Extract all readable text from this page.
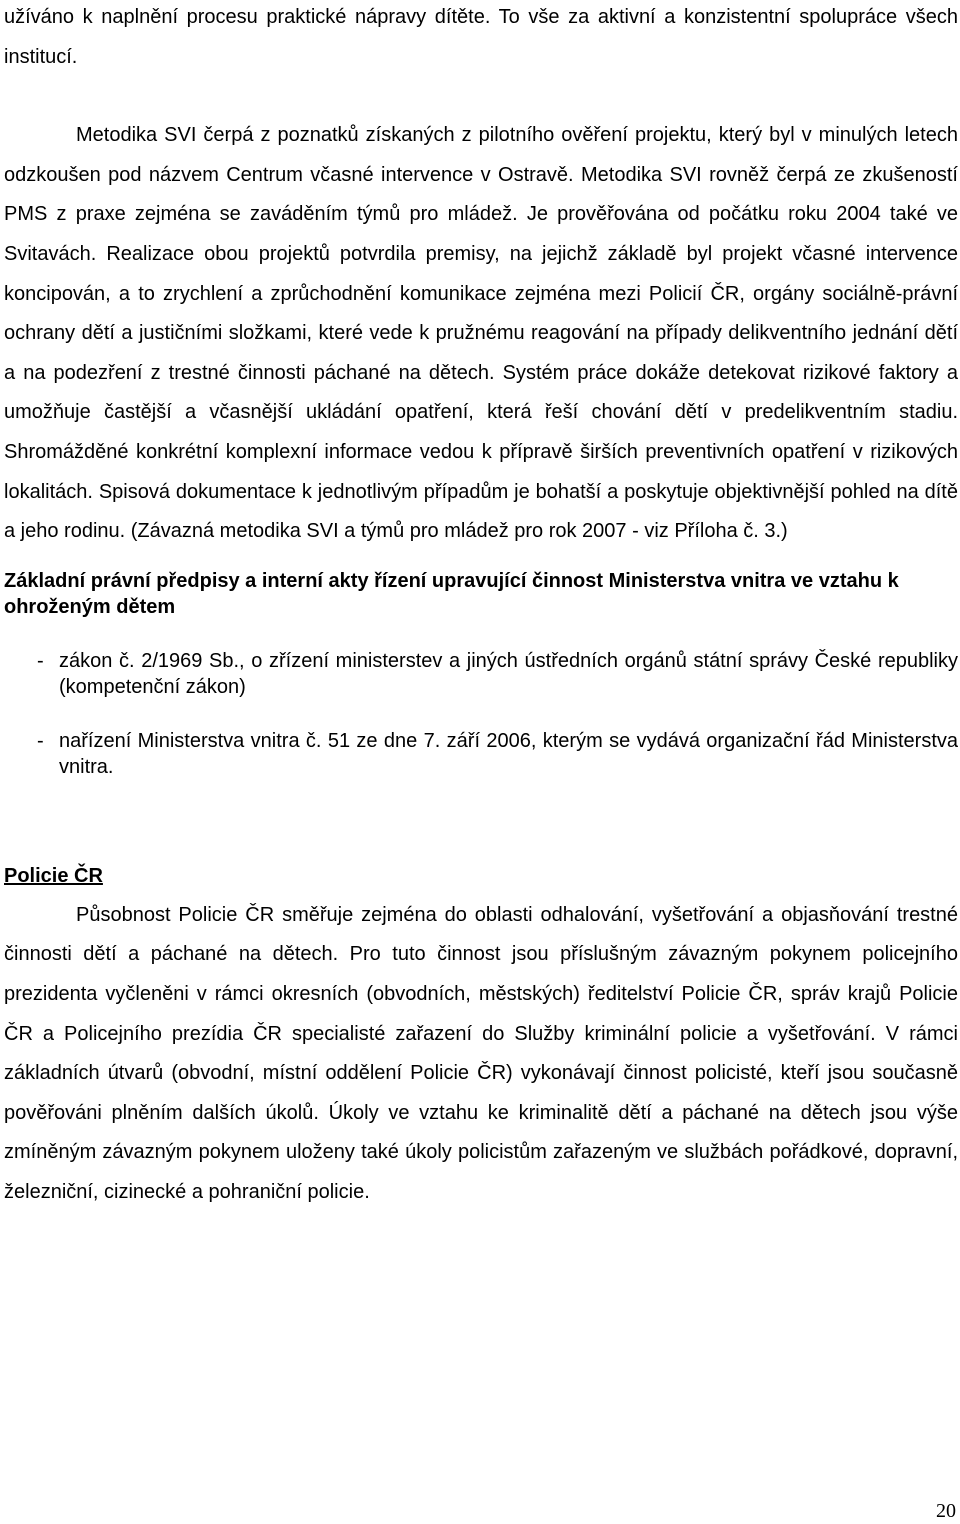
užíváno k naplnění procesu praktické nápravy dítěte. To vše za aktivní a konzistentní spolupráce všech institucí.

Metodika SVI čerpá z poznatků získaných z pilotního ověření projektu, který byl v minulých letech odzkoušen pod názvem Centrum včasné intervence v Ostravě. Metodika SVI rovněž čerpá ze zkušeností PMS z praxe zejména se zaváděním týmů pro mládež. Je prověřována od počátku roku 2004 také ve Svitavách. Realizace obou projektů potvrdila premisy, na jejichž základě byl projekt včasné intervence koncipován, a to zrychlení a zprůchodnění komunikace zejména mezi Policií ČR, orgány sociálně-právní ochrany dětí a justičními složkami, které vede k pružnému reagování na případy delikventního jednání dětí a na podezření z trestné činnosti páchané na dětech. Systém práce dokáže detekovat rizikové faktory a umožňuje častější a včasnější ukládání opatření, která řeší chování dětí v predelikventním stadiu. Shromážděné konkrétní komplexní informace vedou k přípravě širších preventivních opatření v rizikových lokalitách. Spisová dokumentace k jednotlivým případům je bohatší a poskytuje objektivnější pohled na dítě a jeho rodinu. (Závazná metodika SVI a týmů pro mládež pro rok 2007 - viz Příloha č. 3.)

Základní právní předpisy a interní akty řízení upravující činnost Ministerstva vnitra ve vztahu k ohroženým dětem
- zákon č. 2/1969 Sb., o zřízení ministerstev a jiných ústředních orgánů státní správy České republiky (kompetenční zákon)
- nařízení Ministerstva vnitra č. 51 ze dne 7. září 2006, kterým se vydává organizační řád Ministerstva vnitra.
Policie ČR

Působnost Policie ČR směřuje zejména do oblasti odhalování, vyšetřování a objasňování trestné činnosti dětí a páchané na dětech. Pro tuto činnost jsou příslušným závazným pokynem policejního prezidenta vyčleněni v rámci okresních (obvodních, městských) ředitelství Policie ČR, správ krajů Policie ČR a Policejního prezídia ČR specialisté zařazení do Služby kriminální policie a vyšetřování. V rámci základních útvarů (obvodní, místní oddělení Policie ČR) vykonávají činnost policisté, kteří jsou současně pověřováni plněním dalších úkolů. Úkoly ve vztahu ke kriminalitě dětí a páchané na dětech jsou výše zmíněným závazným pokynem uloženy také úkoly policistům zařazeným ve službách pořádkové, dopravní, železniční, cizinecké a pohraniční policie.

20
